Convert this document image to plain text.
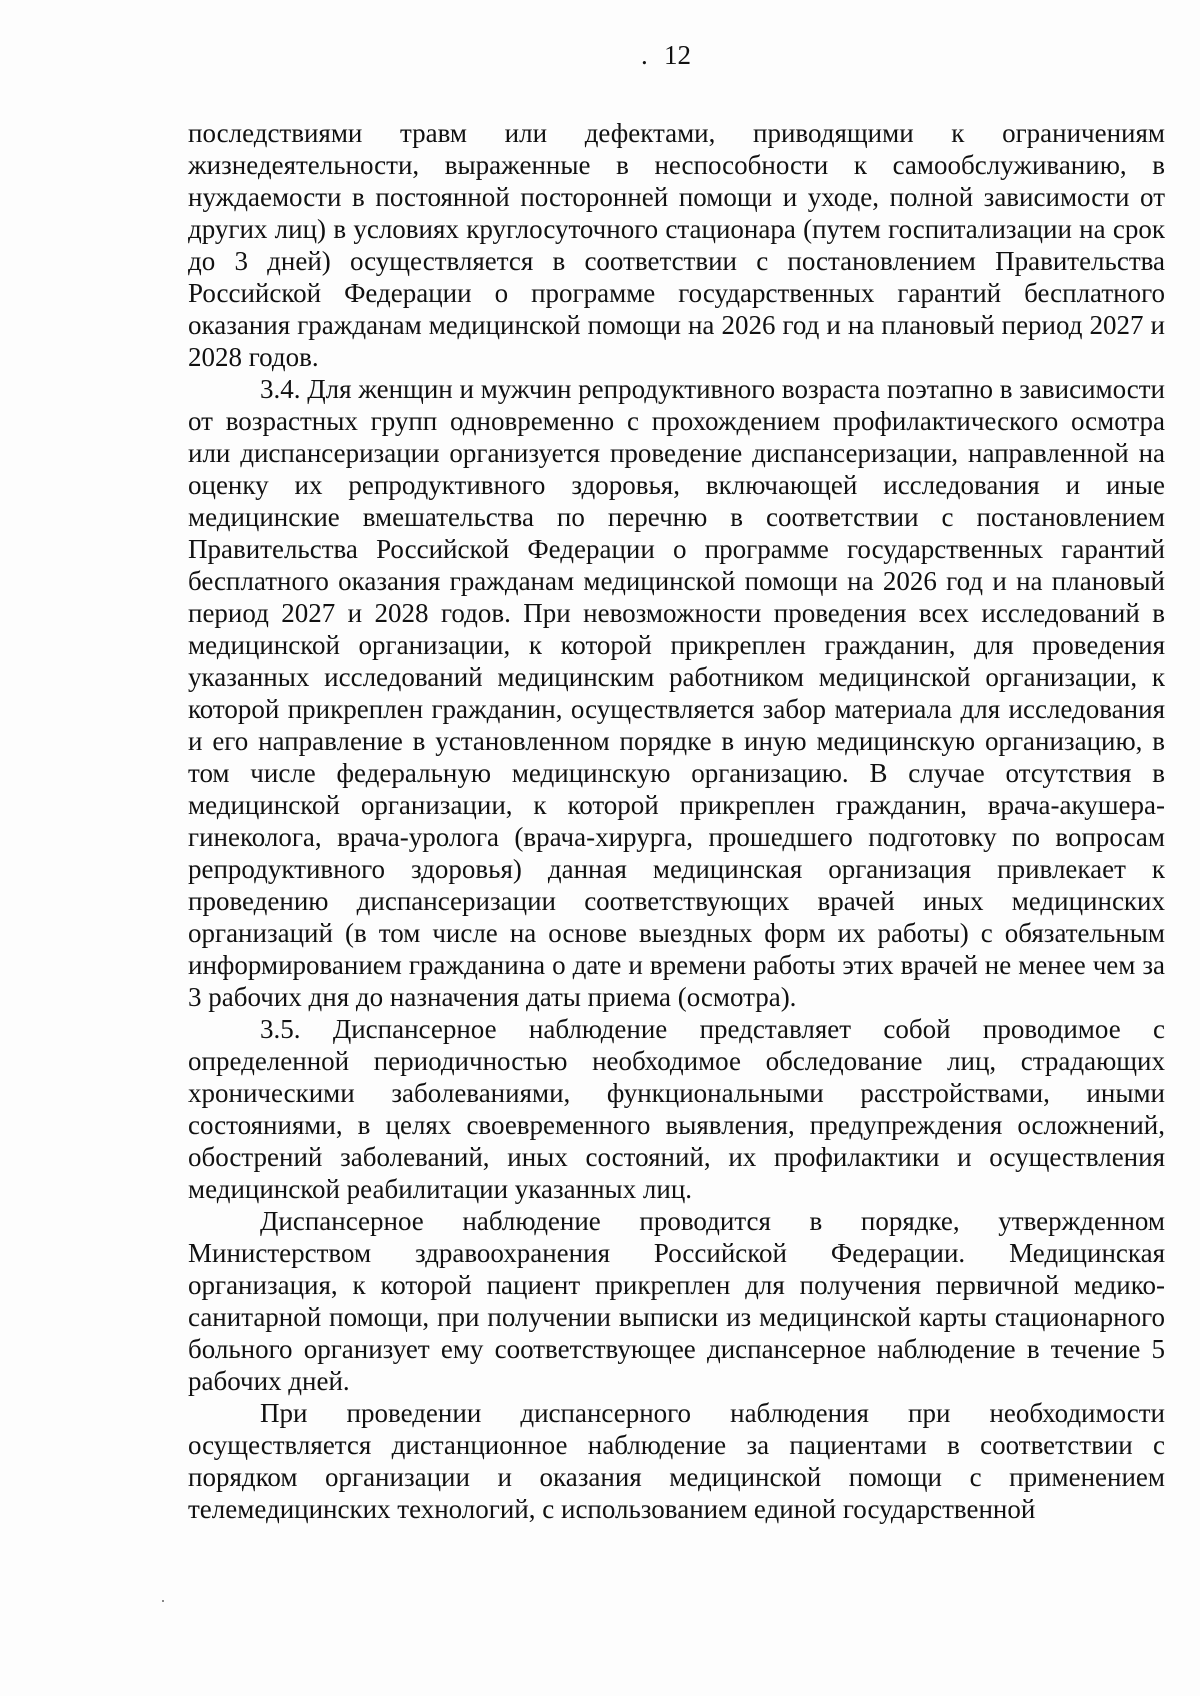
. 12

последствиями травм или дефектами, приводящими к ограничениям жизнедеятельности, выраженные в неспособности к самообслуживанию, в нуждаемости в постоянной посторонней помощи и уходе, полной зависимости от других лиц) в условиях круглосуточного стационара (путем госпитализации на срок до 3 дней) осуществляется в соответствии с постановлением Правительства Российской Федерации о программе государственных гарантий бесплатного оказания гражданам медицинской помощи на 2026 год и на плановый период 2027 и 2028 годов.

3.4. Для женщин и мужчин репродуктивного возраста поэтапно в зависимости от возрастных групп одновременно с прохождением профилактического осмотра или диспансеризации организуется проведение диспансеризации, направленной на оценку их репродуктивного здоровья, включающей исследования и иные медицинские вмешательства по перечню в соответствии с постановлением Правительства Российской Федерации о программе государственных гарантий бесплатного оказания гражданам медицинской помощи на 2026 год и на плановый период 2027 и 2028 годов. При невозможности проведения всех исследований в медицинской организации, к которой прикреплен гражданин, для проведения указанных исследований медицинским работником медицинской организации, к которой прикреплен гражданин, осуществляется забор материала для исследования и его направление в установленном порядке в иную медицинскую организацию, в том числе федеральную медицинскую организацию. В случае отсутствия в медицинской организации, к которой прикреплен гражданин, врача-акушера-гинеколога, врача-уролога (врача-хирурга, прошедшего подготовку по вопросам репродуктивного здоровья) данная медицинская организация привлекает к проведению диспансеризации соответствующих врачей иных медицинских организаций (в том числе на основе выездных форм их работы) с обязательным информированием гражданина о дате и времени работы этих врачей не менее чем за 3 рабочих дня до назначения даты приема (осмотра).

3.5. Диспансерное наблюдение представляет собой проводимое с определенной периодичностью необходимое обследование лиц, страдающих хроническими заболеваниями, функциональными расстройствами, иными состояниями, в целях своевременного выявления, предупреждения осложнений, обострений заболеваний, иных состояний, их профилактики и осуществления медицинской реабилитации указанных лиц.

Диспансерное наблюдение проводится в порядке, утвержденном Министерством здравоохранения Российской Федерации. Медицинская организация, к которой пациент прикреплен для получения первичной медико-санитарной помощи, при получении выписки из медицинской карты стационарного больного организует ему соответствующее диспансерное наблюдение в течение 5 рабочих дней.

При проведении диспансерного наблюдения при необходимости осуществляется дистанционное наблюдение за пациентами в соответствии с порядком организации и оказания медицинской помощи с применением телемедицинских технологий, с использованием единой государственной
